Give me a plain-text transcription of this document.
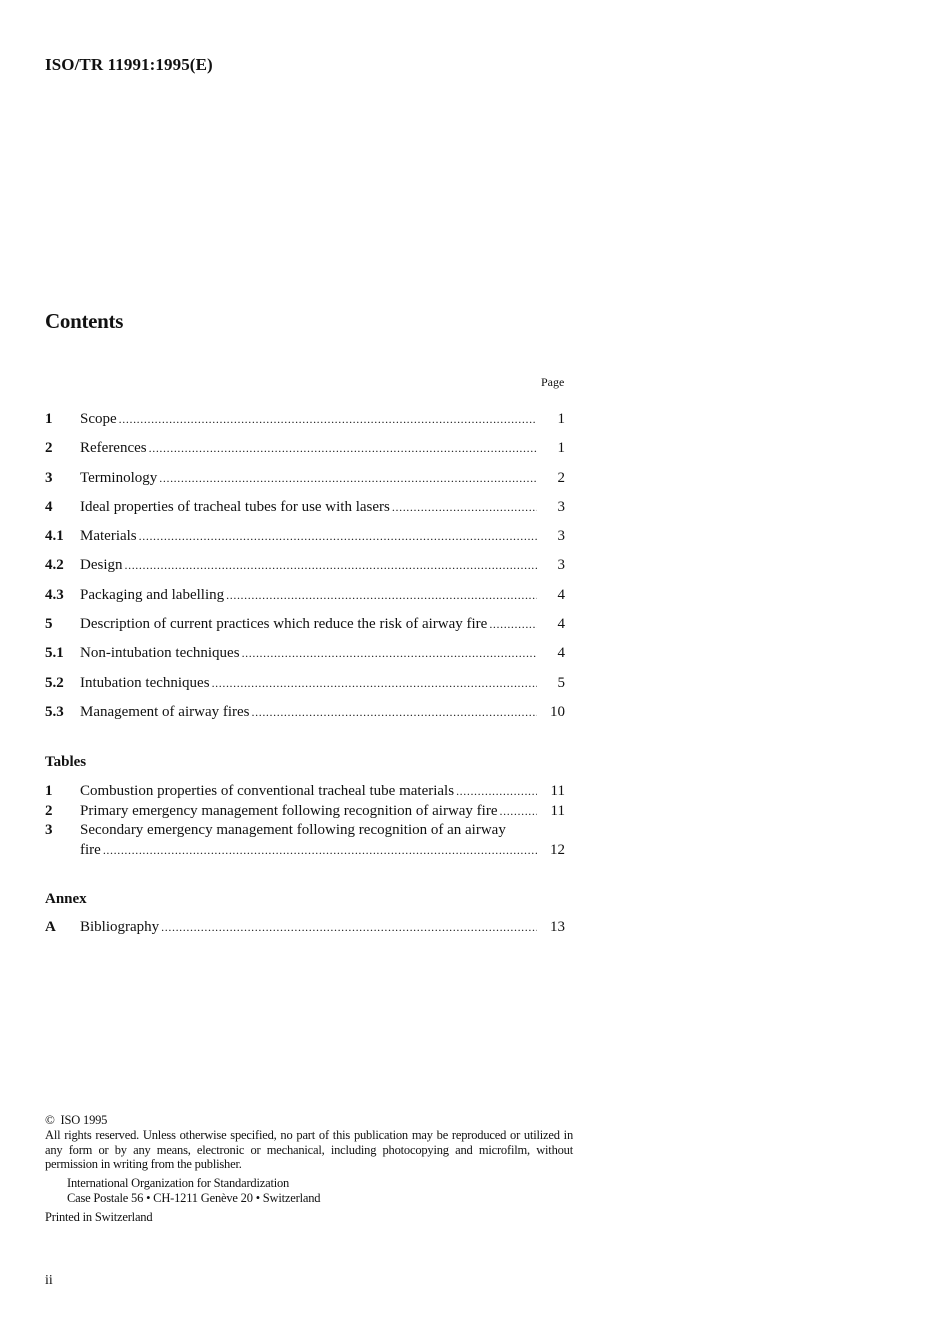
ISO/TR 11991:1995(E)
Contents
Page
1	Scope .....	1
2	References .....	1
3	Terminology .....	2
4	Ideal properties of tracheal tubes for use with lasers .....	3
4.1	Materials .....	3
4.2	Design .....	3
4.3	Packaging and labelling .....	4
5	Description of current practices which reduce the risk of airway fire .....	4
5.1	Non-intubation techniques .....	4
5.2	Intubation techniques .....	5
5.3	Management of airway fires .....	10
Tables
1	Combustion properties of conventional tracheal tube materials .....	11
2	Primary emergency management following recognition of airway fire .....	11
3	Secondary emergency management following recognition of an airway
fire .....	12
Annex
A	Bibliography .....	13
© ISO 1995
All rights reserved. Unless otherwise specified, no part of this publication may be reproduced or utilized in any form or by any means, electronic or mechanical, including photocopying and microfilm, without permission in writing from the publisher.
International Organization for Standardization
Case Postale 56 • CH-1211 Genève 20 • Switzerland
Printed in Switzerland
ii
